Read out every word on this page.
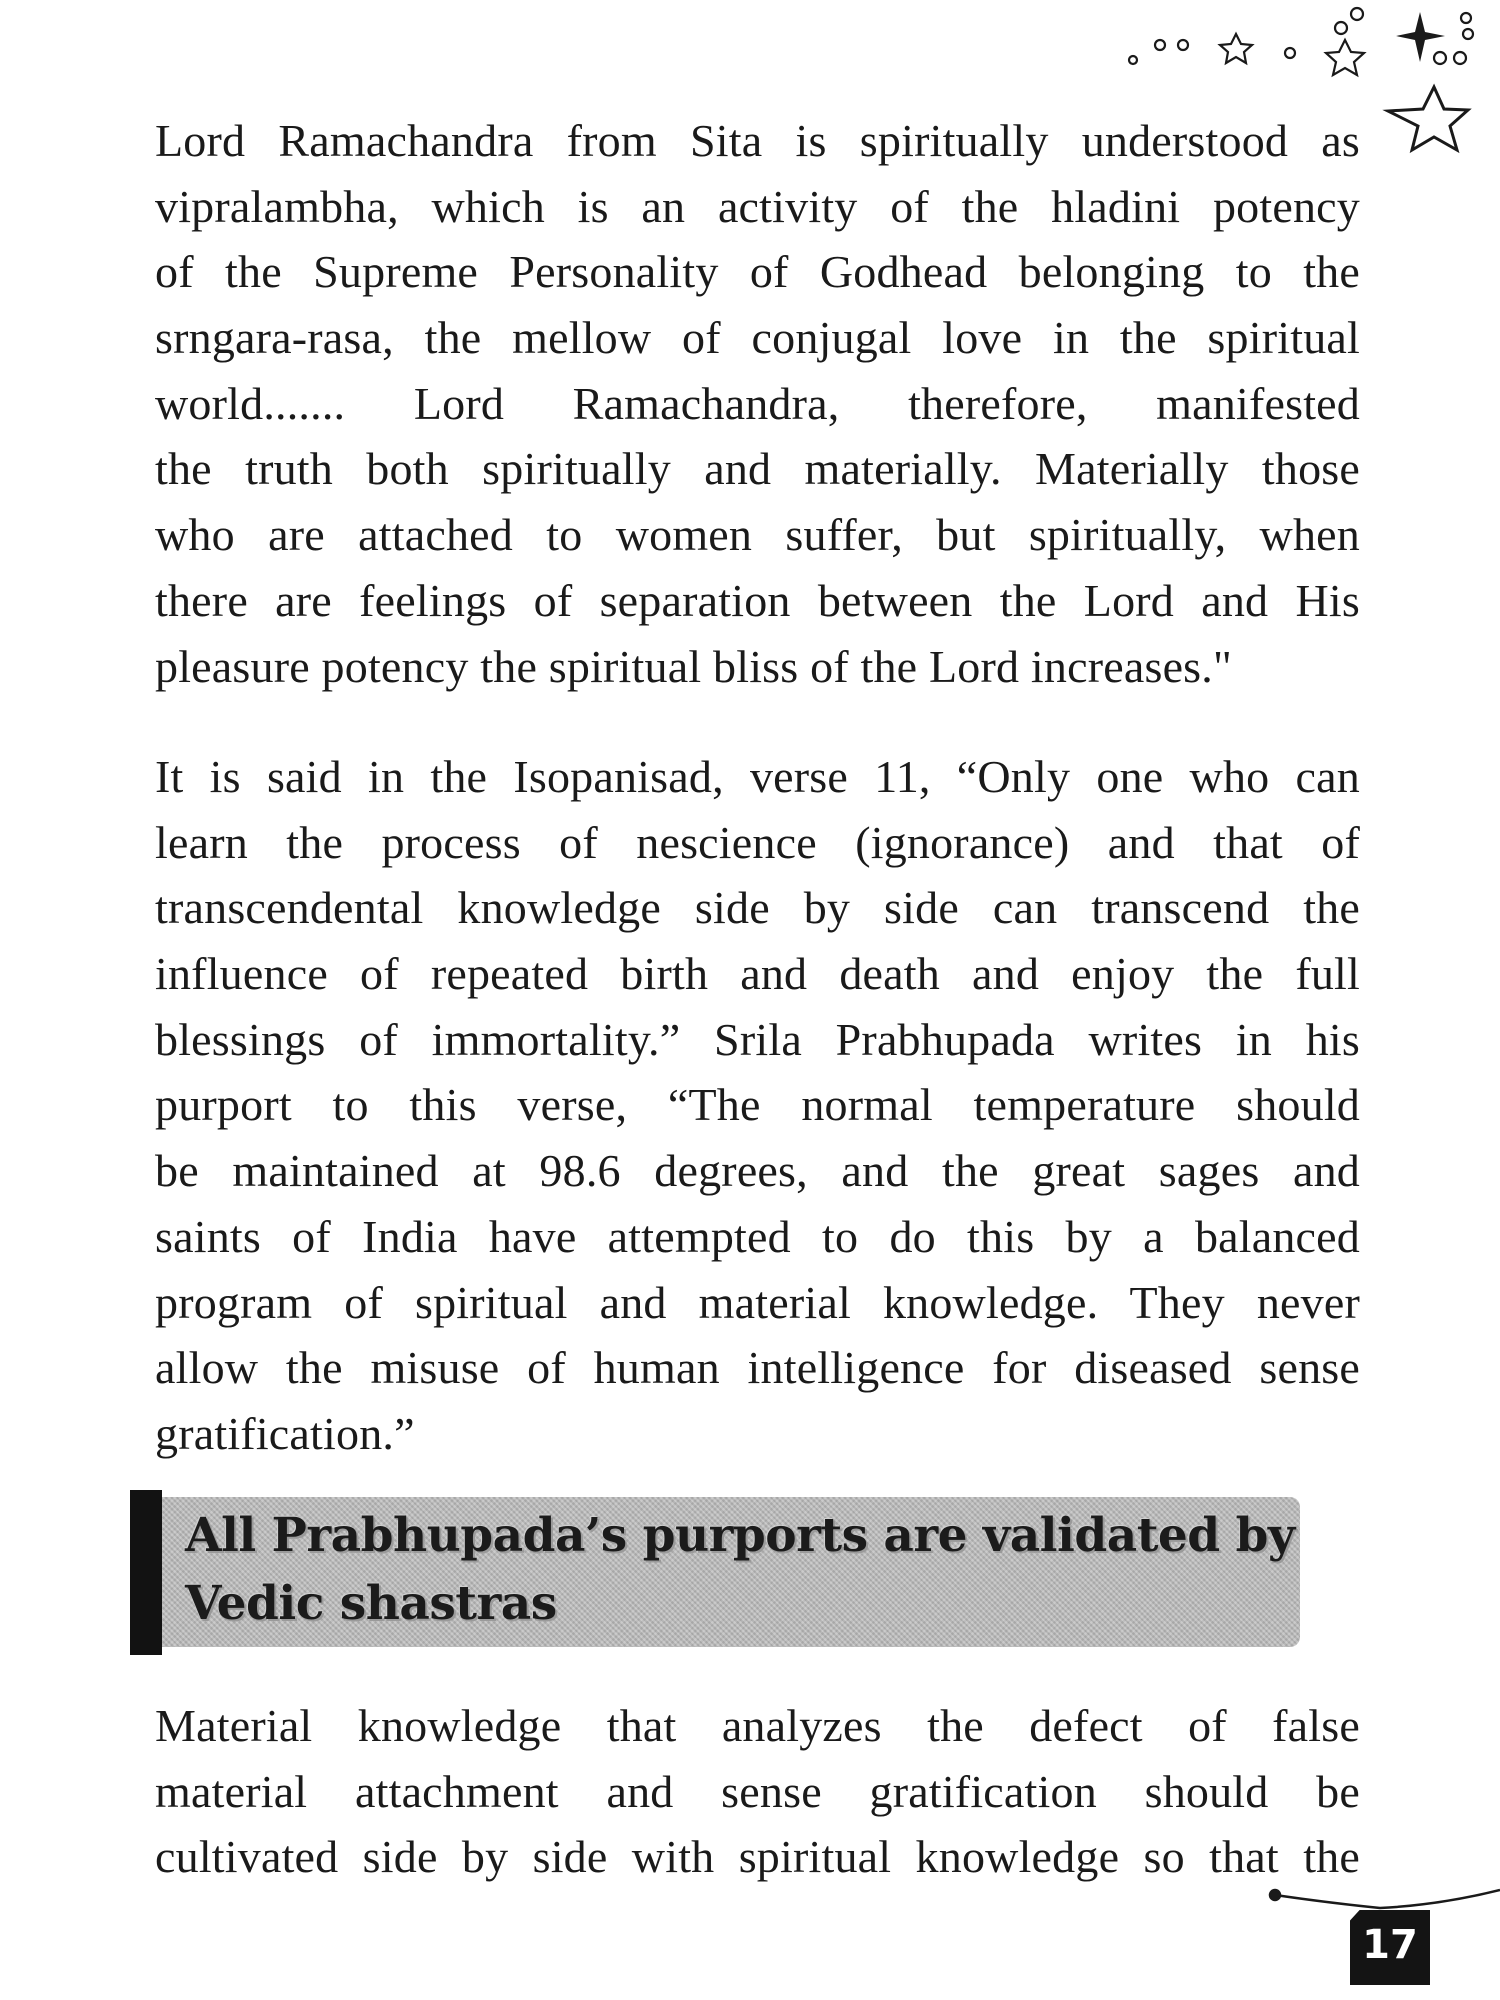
Lord Ramachandra from Sita is spiritually understood as
vipralambha, which is an activity of the hladini potency
of the Supreme Personality of Godhead belonging to the
srngara-rasa, the mellow of conjugal love in the spiritual
world....... Lord Ramachandra, therefore, manifested
the truth both spiritually and materially. Materially those
who are attached to women suffer, but spiritually, when
there are feelings of separation between the Lord and His
pleasure potency the spiritual bliss of the Lord increases."

It is said in the Isopanisad, verse 11, “Only one who can
learn the process of nescience (ignorance) and that of
transcendental knowledge side by side can transcend the
influence of repeated birth and death and enjoy the full
blessings of immortality.” Srila Prabhupada writes in his
purport to this verse, “The normal temperature should
be maintained at 98.6 degrees, and the great sages and
saints of India have attempted to do this by a balanced
program of spiritual and material knowledge. They never
allow the misuse of human intelligence for diseased sense
gratification.”

All Prabhupada’s purports are validated by
Vedic shastras

Material knowledge that analyzes the defect of false
material attachment and sense gratification should be
cultivated side by side with spiritual knowledge so that the

17
